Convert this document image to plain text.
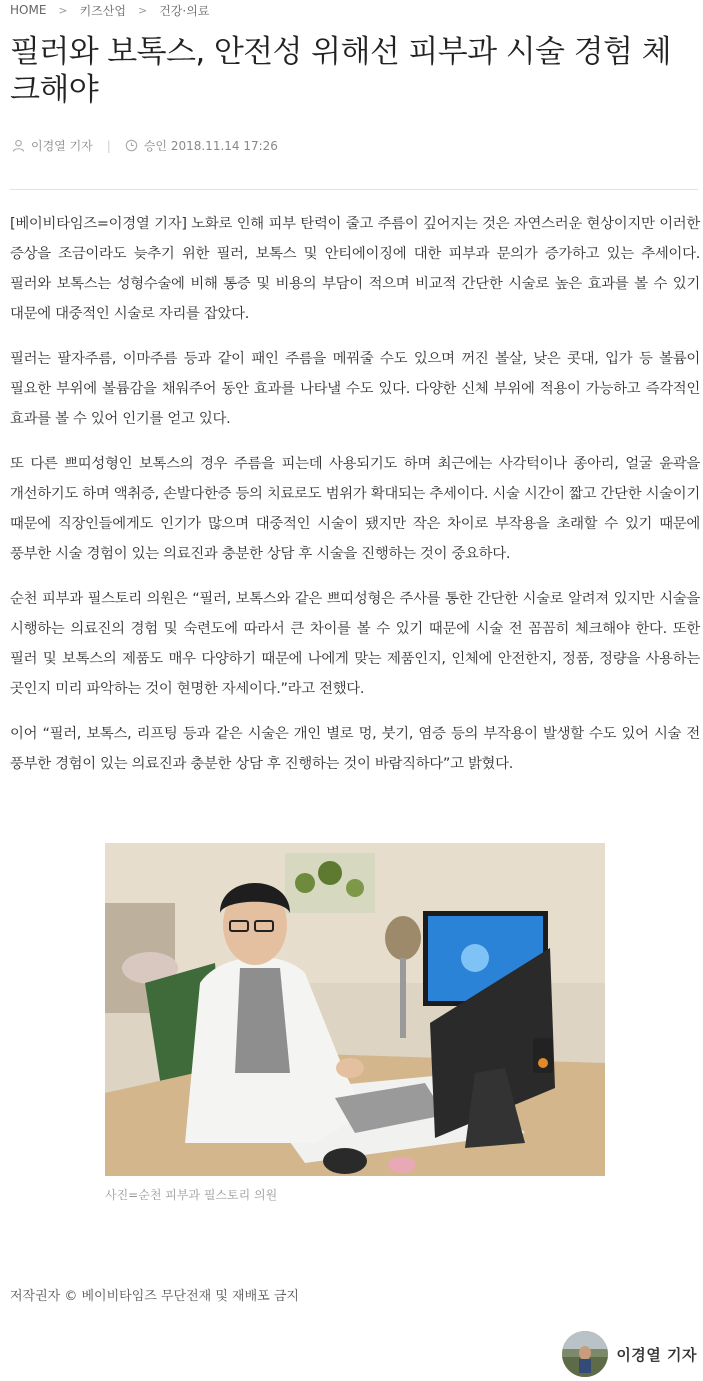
HOME > 키즈산업 > 건강·의료
필러와 보톡스, 안전성 위해선 피부과 시술 경험 체크해야
이경열 기자 |	승인 2018.11.14 17:26

[베이비타임즈=이경열 기자] 노화로 인해 피부 탄력이 줄고 주름이 깊어지는 것은 자연스러운 현상이지만 이러한 증상을 조금이라도 늦추기 위한 필러, 보톡스 및 안티에이징에 대한 피부과 문의가 증가하고 있는 추세이다. 필러와 보톡스는 성형수술에 비해 통증 및 비용의 부담이 적으며 비교적 간단한 시술로 높은 효과를 볼 수 있기 대문에 대중적인 시술로 자리를 잡았다.

필러는 팔자주름, 이마주름 등과 같이 패인 주름을 메꿔줄 수도 있으며 꺼진 볼살, 낮은 콧대, 입가 등 볼륨이 필요한 부위에 볼륨감을 채워주어 동안 효과를 나타낼 수도 있다. 다양한 신체 부위에 적용이 가능하고 즉각적인 효과를 볼 수 있어 인기를 얻고 있다.

또 다른 쁘띠성형인 보톡스의 경우 주름을 피는데 사용되기도 하며 최근에는 사각턱이나 종아리, 얼굴 윤곽을 개선하기도 하며 액취증, 손발다한증 등의 치료로도 범위가 확대되는 추세이다. 시술 시간이 짧고 간단한 시술이기 때문에 직장인들에게도 인기가 많으며 대중적인 시술이 됐지만 작은 차이로 부작용을 초래할 수 있기 때문에 풍부한 시술 경험이 있는 의료진과 충분한 상담 후 시술을 진행하는 것이 중요하다.

순천 피부과 필스토리 의원은 “필러, 보톡스와 같은 쁘띠성형은 주사를 통한 간단한 시술로 알려져 있지만 시술을 시행하는 의료진의 경험 및 숙련도에 따라서 큰 차이를 볼 수 있기 때문에 시술 전 꼼꼼히 체크해야 한다. 또한 필러 및 보톡스의 제품도 매우 다양하기 때문에 나에게 맞는 제품인지, 인체에 안전한지, 정품, 정량을 사용하는 곳인지 미리 파악하는 것이 현명한 자세이다.”라고 전했다.

이어 “필러, 보톡스, 리프팅 등과 같은 시술은 개인 별로 멍, 붓기, 염증 등의 부작용이 발생할 수도 있어 시술 전 풍부한 경험이 있는 의료진과 충분한 상담 후 진행하는 것이 바람직하다”고 밝혔다.

사진=순천 피부과 필스토리 의원
저작권자 © 베이비타임즈 무단전재 및 재배포 금지
이경열 기자
